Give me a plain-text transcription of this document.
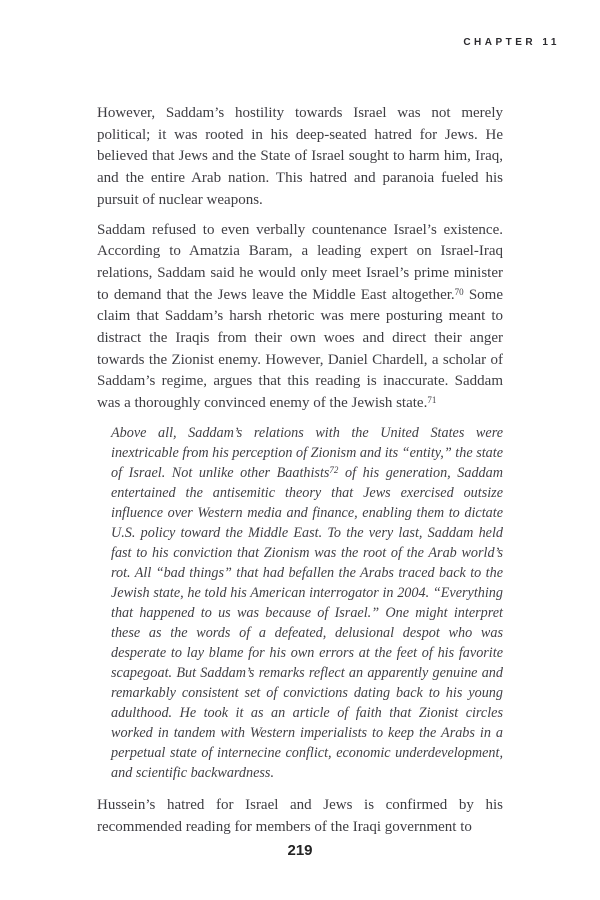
CHAPTER 11

However, Saddam’s hostility towards Israel was not merely political; it was rooted in his deep-seated hatred for Jews. He believed that Jews and the State of Israel sought to harm him, Iraq, and the entire Arab nation. This hatred and paranoia fueled his pursuit of nuclear weapons.

Saddam refused to even verbally countenance Israel’s existence. According to Amatzia Baram, a leading expert on Israel-Iraq relations, Saddam said he would only meet Israel’s prime minister to demand that the Jews leave the Middle East altogether.$^{70}$ Some claim that Saddam’s harsh rhetoric was mere posturing meant to distract the Iraqis from their own woes and direct their anger towards the Zionist enemy. However, Daniel Chardell, a scholar of Saddam’s regime, argues that this reading is inaccurate. Saddam was a thoroughly convinced enemy of the Jewish state.$^{71}$

Above all, Saddam’s relations with the United States were inextricable from his perception of Zionism and its “entity,” the state of Israel. Not unlike other Baathists$^{72}$ of his generation, Saddam entertained the antisemitic theory that Jews exercised outsize influence over Western media and finance, enabling them to dictate U.S. policy toward the Middle East. To the very last, Saddam held fast to his conviction that Zionism was the root of the Arab world’s rot. All “bad things” that had befallen the Arabs traced back to the Jewish state, he told his American interrogator in 2004. “Everything that happened to us was because of Israel.” One might interpret these as the words of a defeated, delusional despot who was desperate to lay blame for his own errors at the feet of his favorite scapegoat. But Saddam’s remarks reflect an apparently genuine and remarkably consistent set of convictions dating back to his young adulthood. He took it as an article of faith that Zionist circles worked in tandem with Western imperialists to keep the Arabs in a perpetual state of internecine conflict, economic underdevelopment, and scientific backwardness.

Hussein’s hatred for Israel and Jews is confirmed by his recommended reading for members of the Iraqi government to

219
